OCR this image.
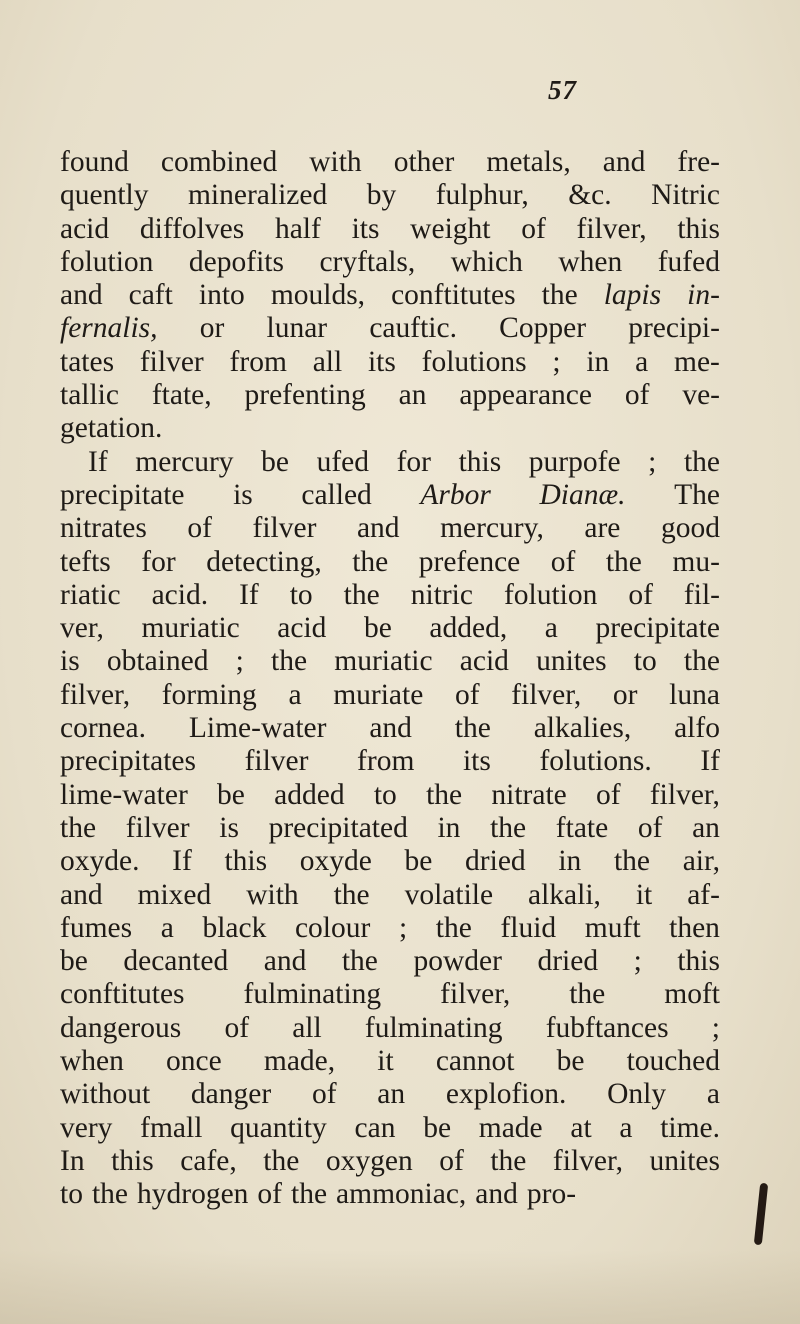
57
found combined with other metals, and fre-
quently mineralized by fulphur, &c. Nitric
acid diffolves half its weight of filver, this
folution depofits cryftals, which when fufed
and caft into moulds, conftitutes the lapis in-
fernalis, or lunar cauftic. Copper precipi-
tates filver from all its folutions ; in a me-
tallic ftate, prefenting an appearance of ve-
getation.
If mercury be ufed for this purpofe ; the
precipitate is called Arbor Dianæ. The
nitrates of filver and mercury, are good
tefts for detecting, the prefence of the mu-
riatic acid. If to the nitric folution of fil-
ver, muriatic acid be added, a precipitate
is obtained ; the muriatic acid unites to the
filver, forming a muriate of filver, or luna
cornea. Lime-water and the alkalies, alfo
precipitates filver from its folutions. If
lime-water be added to the nitrate of filver,
the filver is precipitated in the ftate of an
oxyde. If this oxyde be dried in the air,
and mixed with the volatile alkali, it af-
fumes a black colour ; the fluid muft then
be decanted and the powder dried ; this
conftitutes fulminating filver, the moft
dangerous of all fulminating fubftances ;
when once made, it cannot be touched
without danger of an explofion. Only a
very fmall quantity can be made at a time.
In this cafe, the oxygen of the filver, unites
to the hydrogen of the ammoniac, and pro-
